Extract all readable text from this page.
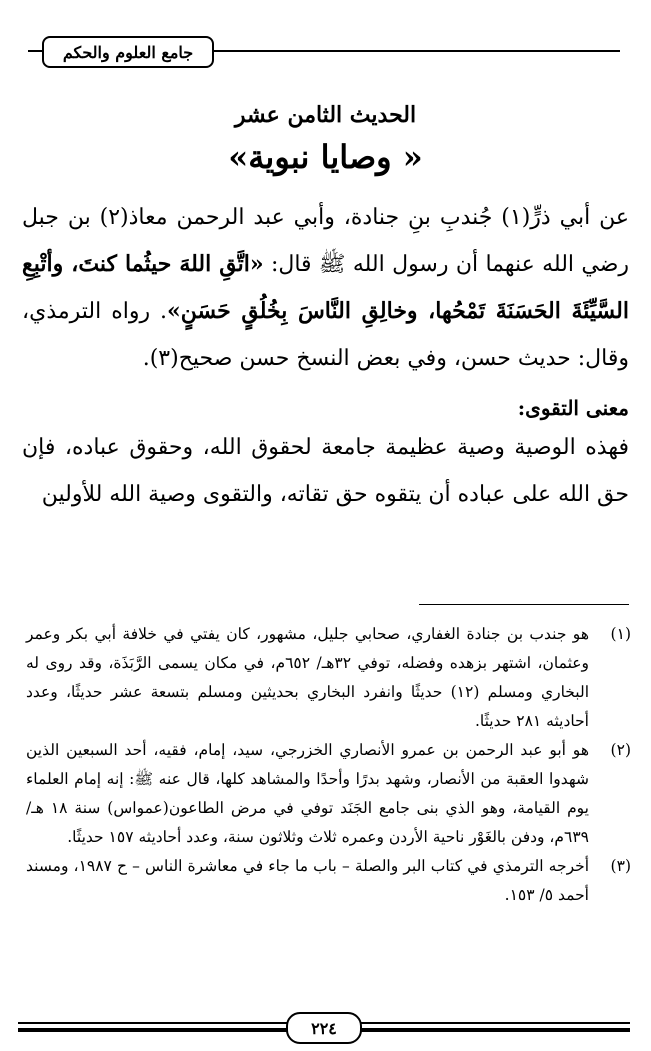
جامع العلوم والحكم
الحديث الثامن عشر
« وصايا نبوية»

عن أبي ذرٍّ(١) جُندبِ بنِ جنادة، وأبي عبد الرحمن معاذ(٢) بن جبل رضي الله عنهما أن رسول الله ﷺ قال: «اتَّقِ اللهَ حيثُما كنتَ، وأتْبِعِ السَّيِّئَةَ الحَسَنَةَ تَمْحُها، وخالِقِ النَّاسَ بِخُلُقٍ حَسَنٍ». رواه الترمذي، وقال: حديث حسن، وفي بعض النسخ حسن صحيح(٣).

معنى التقوى:

فهذه الوصية وصية عظيمة جامعة لحقوق الله، وحقوق عباده، فإن حق الله على عباده أن يتقوه حق تقاته، والتقوى وصية الله للأولين

(١)

هو جندب بن جنادة الغفاري، صحابي جليل، مشهور، كان يفتي في خلافة أبي بكر وعمر وعثمان، اشتهر بزهده وفضله، توفي ٣٢هـ/ ٦٥٢م، في مكان يسمى الرَّبَذَة، وقد روى له البخاري ومسلم (١٢) حديثًا وانفرد البخاري بحديثين ومسلم بتسعة عشر حديثًا، وعدد أحاديثه ٢٨١ حديثًا.

(٢)

هو أبو عبد الرحمن بن عمرو الأنصاري الخزرجي، سيد، إمام، فقيه، أحد السبعين الذين شهدوا العقبة من الأنصار، وشهد بدرًا وأحدًا والمشاهد كلها، قال عنه ﷺ: إنه إمام العلماء يوم القيامة، وهو الذي بنى جامع الجَنَد توفي في مرض الطاعون(عمواس) سنة ١٨ هـ/ ٦٣٩م، ودفن بالغَوْر ناحية الأردن وعمره ثلاث وثلاثون سنة، وعدد أحاديثه ١٥٧ حديثًا.

(٣)

أخرجه الترمذي في كتاب البر والصلة – باب ما جاء في معاشرة الناس – ح ١٩٨٧، ومسند أحمد ٥/ ١٥٣.

٢٢٤
